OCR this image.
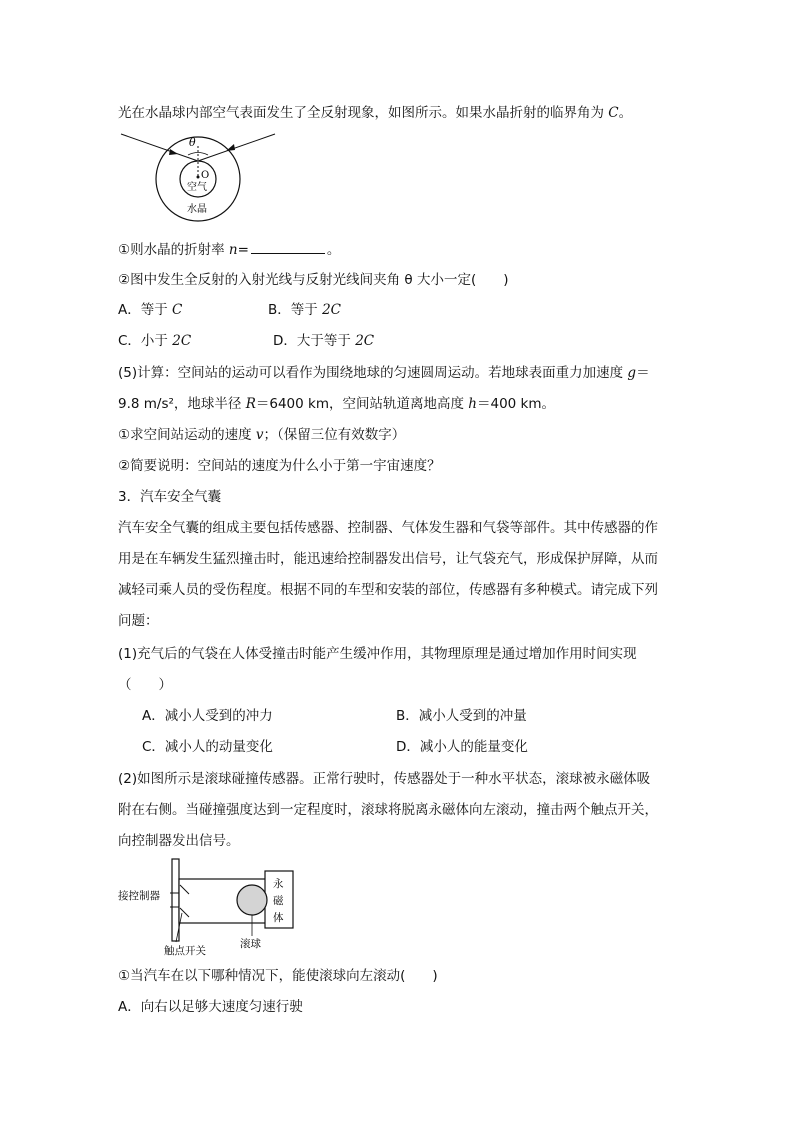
光在水晶球内部空气表面发生了全反射现象，如图所示。如果水晶折射的临界角为 C。
θ
O
空气
水晶
①则水晶的折射率 n=	。
②图中发生全反射的入射光线与反射光线间夹角 θ 大小一定(　　)
A．等于 C	B．等于 2C
C．小于 2C	D．大于等于 2C
(5)计算：空间站的运动可以看作为围绕地球的匀速圆周运动。若地球表面重力加速度 g＝
9.8 m/s²，地球半径 R＝6400 km，空间站轨道离地高度 h＝400 km。
①求空间站运动的速度 v；（保留三位有效数字）
②简要说明：空间站的速度为什么小于第一宇宙速度？
3．汽车安全气囊
汽车安全气囊的组成主要包括传感器、控制器、气体发生器和气袋等部件。其中传感器的作
用是在车辆发生猛烈撞击时，能迅速给控制器发出信号，让气袋充气，形成保护屏障，从而
减轻司乘人员的受伤程度。根据不同的车型和安装的部位，传感器有多种模式。请完成下列
问题：
(1)充气后的气袋在人体受撞击时能产生缓冲作用，其物理原理是通过增加作用时间实现
（　　）
A．减小人受到的冲力	B．减小人受到的冲量
C．减小人的动量变化	D．减小人的能量变化
(2)如图所示是滚球碰撞传感器。正常行驶时，传感器处于一种水平状态，滚球被永磁体吸
附在右侧。当碰撞强度达到一定程度时，滚球将脱离永磁体向左滚动，撞击两个触点开关，
向控制器发出信号。
接控制器
永
磁
体
触点开关
滚球
①当汽车在以下哪种情况下，能使滚球向左滚动(　　)
A．向右以足够大速度匀速行驶
